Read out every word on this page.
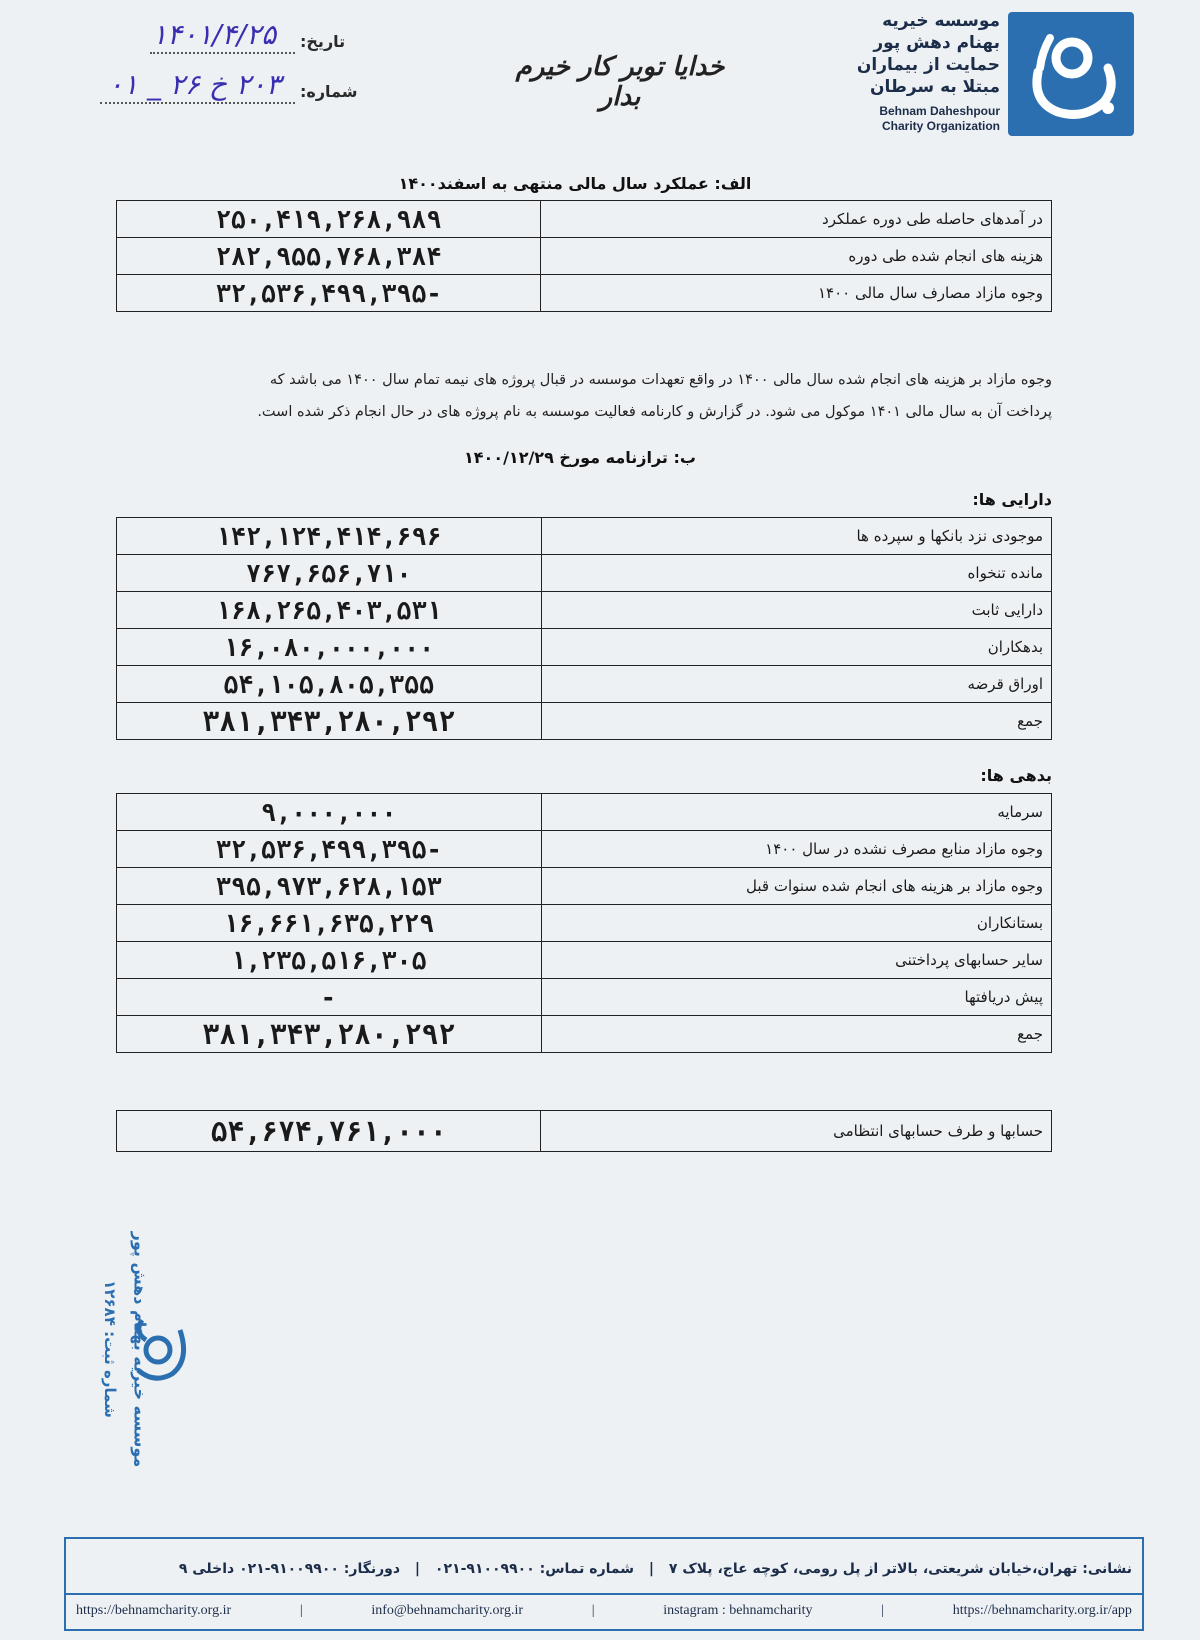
موسسه خیریه
بهنام دهش پور
حمایت از بیماران
مبتلا به سرطان
Behnam Daheshpour
Charity Organization
خدایا توبر کار خیرم بدار
تاریخ:
۱۴۰۱/۴/۲۵
شماره:
۲۰۳ خ ۲۶ _ ۰۱
الف: عملکرد سال مالی منتهی به اسفند۱۴۰۰
در آمدهای حاصله طی دوره عملکرد	۲۵۰,۴۱۹,۲۶۸,۹۸۹
هزینه های انجام شده طی دوره	۲۸۲,۹۵۵,۷۶۸,۳۸۴
وجوه مازاد مصارف سال مالی ۱۴۰۰	-۳۲,۵۳۶,۴۹۹,۳۹۵
وجوه مازاد بر هزینه های انجام شده سال مالی ۱۴۰۰ در واقع تعهدات موسسه در قبال پروژه های نیمه تمام سال ۱۴۰۰ می باشد که
پرداخت آن به سال مالی ۱۴۰۱ موکول می شود. در گزارش و کارنامه فعالیت موسسه به نام پروژه های در حال انجام ذکر شده است.
ب: ترازنامه مورخ ۱۴۰۰/۱۲/۲۹
دارایی ها:
موجودی نزد بانکها و سپرده ها	۱۴۲,۱۲۴,۴۱۴,۶۹۶
مانده تنخواه	۷۶۷,۶۵۶,۷۱۰
دارایی ثابت	۱۶۸,۲۶۵,۴۰۳,۵۳۱
بدهکاران	۱۶,۰۸۰,۰۰۰,۰۰۰
اوراق قرضه	۵۴,۱۰۵,۸۰۵,۳۵۵
جمع	۳۸۱,۳۴۳,۲۸۰,۲۹۲
بدهی ها:
سرمایه	۹,۰۰۰,۰۰۰
وجوه مازاد منابع مصرف نشده در سال ۱۴۰۰	-۳۲,۵۳۶,۴۹۹,۳۹۵
وجوه مازاد بر هزینه های انجام شده سنوات قبل	۳۹۵,۹۷۳,۶۲۸,۱۵۳
بستانکاران	۱۶,۶۶۱,۶۳۵,۲۲۹
سایر حسابهای پرداختنی	۱,۲۳۵,۵۱۶,۳۰۵
پیش دریافتها	-
جمع	۳۸۱,۳۴۳,۲۸۰,۲۹۲
حسابها و طرف حسابهای انتظامی	۵۴,۶۷۴,۷۶۱,۰۰۰
موسسه خیریه بهنام دهش پور
شماره ثبت: ۱۲۶۸۴
نشانی: تهران،خیابان شریعتی، بالاتر از پل رومی، کوچه عاج، پلاک ۷ | شماره تماس: ۹۱۰۰۹۹۰۰-۰۲۱ | دورنگار: ۹۱۰۰۹۹۰۰-۰۲۱ داخلی ۹
https://behnamcharity.org.ir	|	info@behnamcharity.org.ir	|	instagram : behnamcharity	|	https://behnamcharity.org.ir/app
